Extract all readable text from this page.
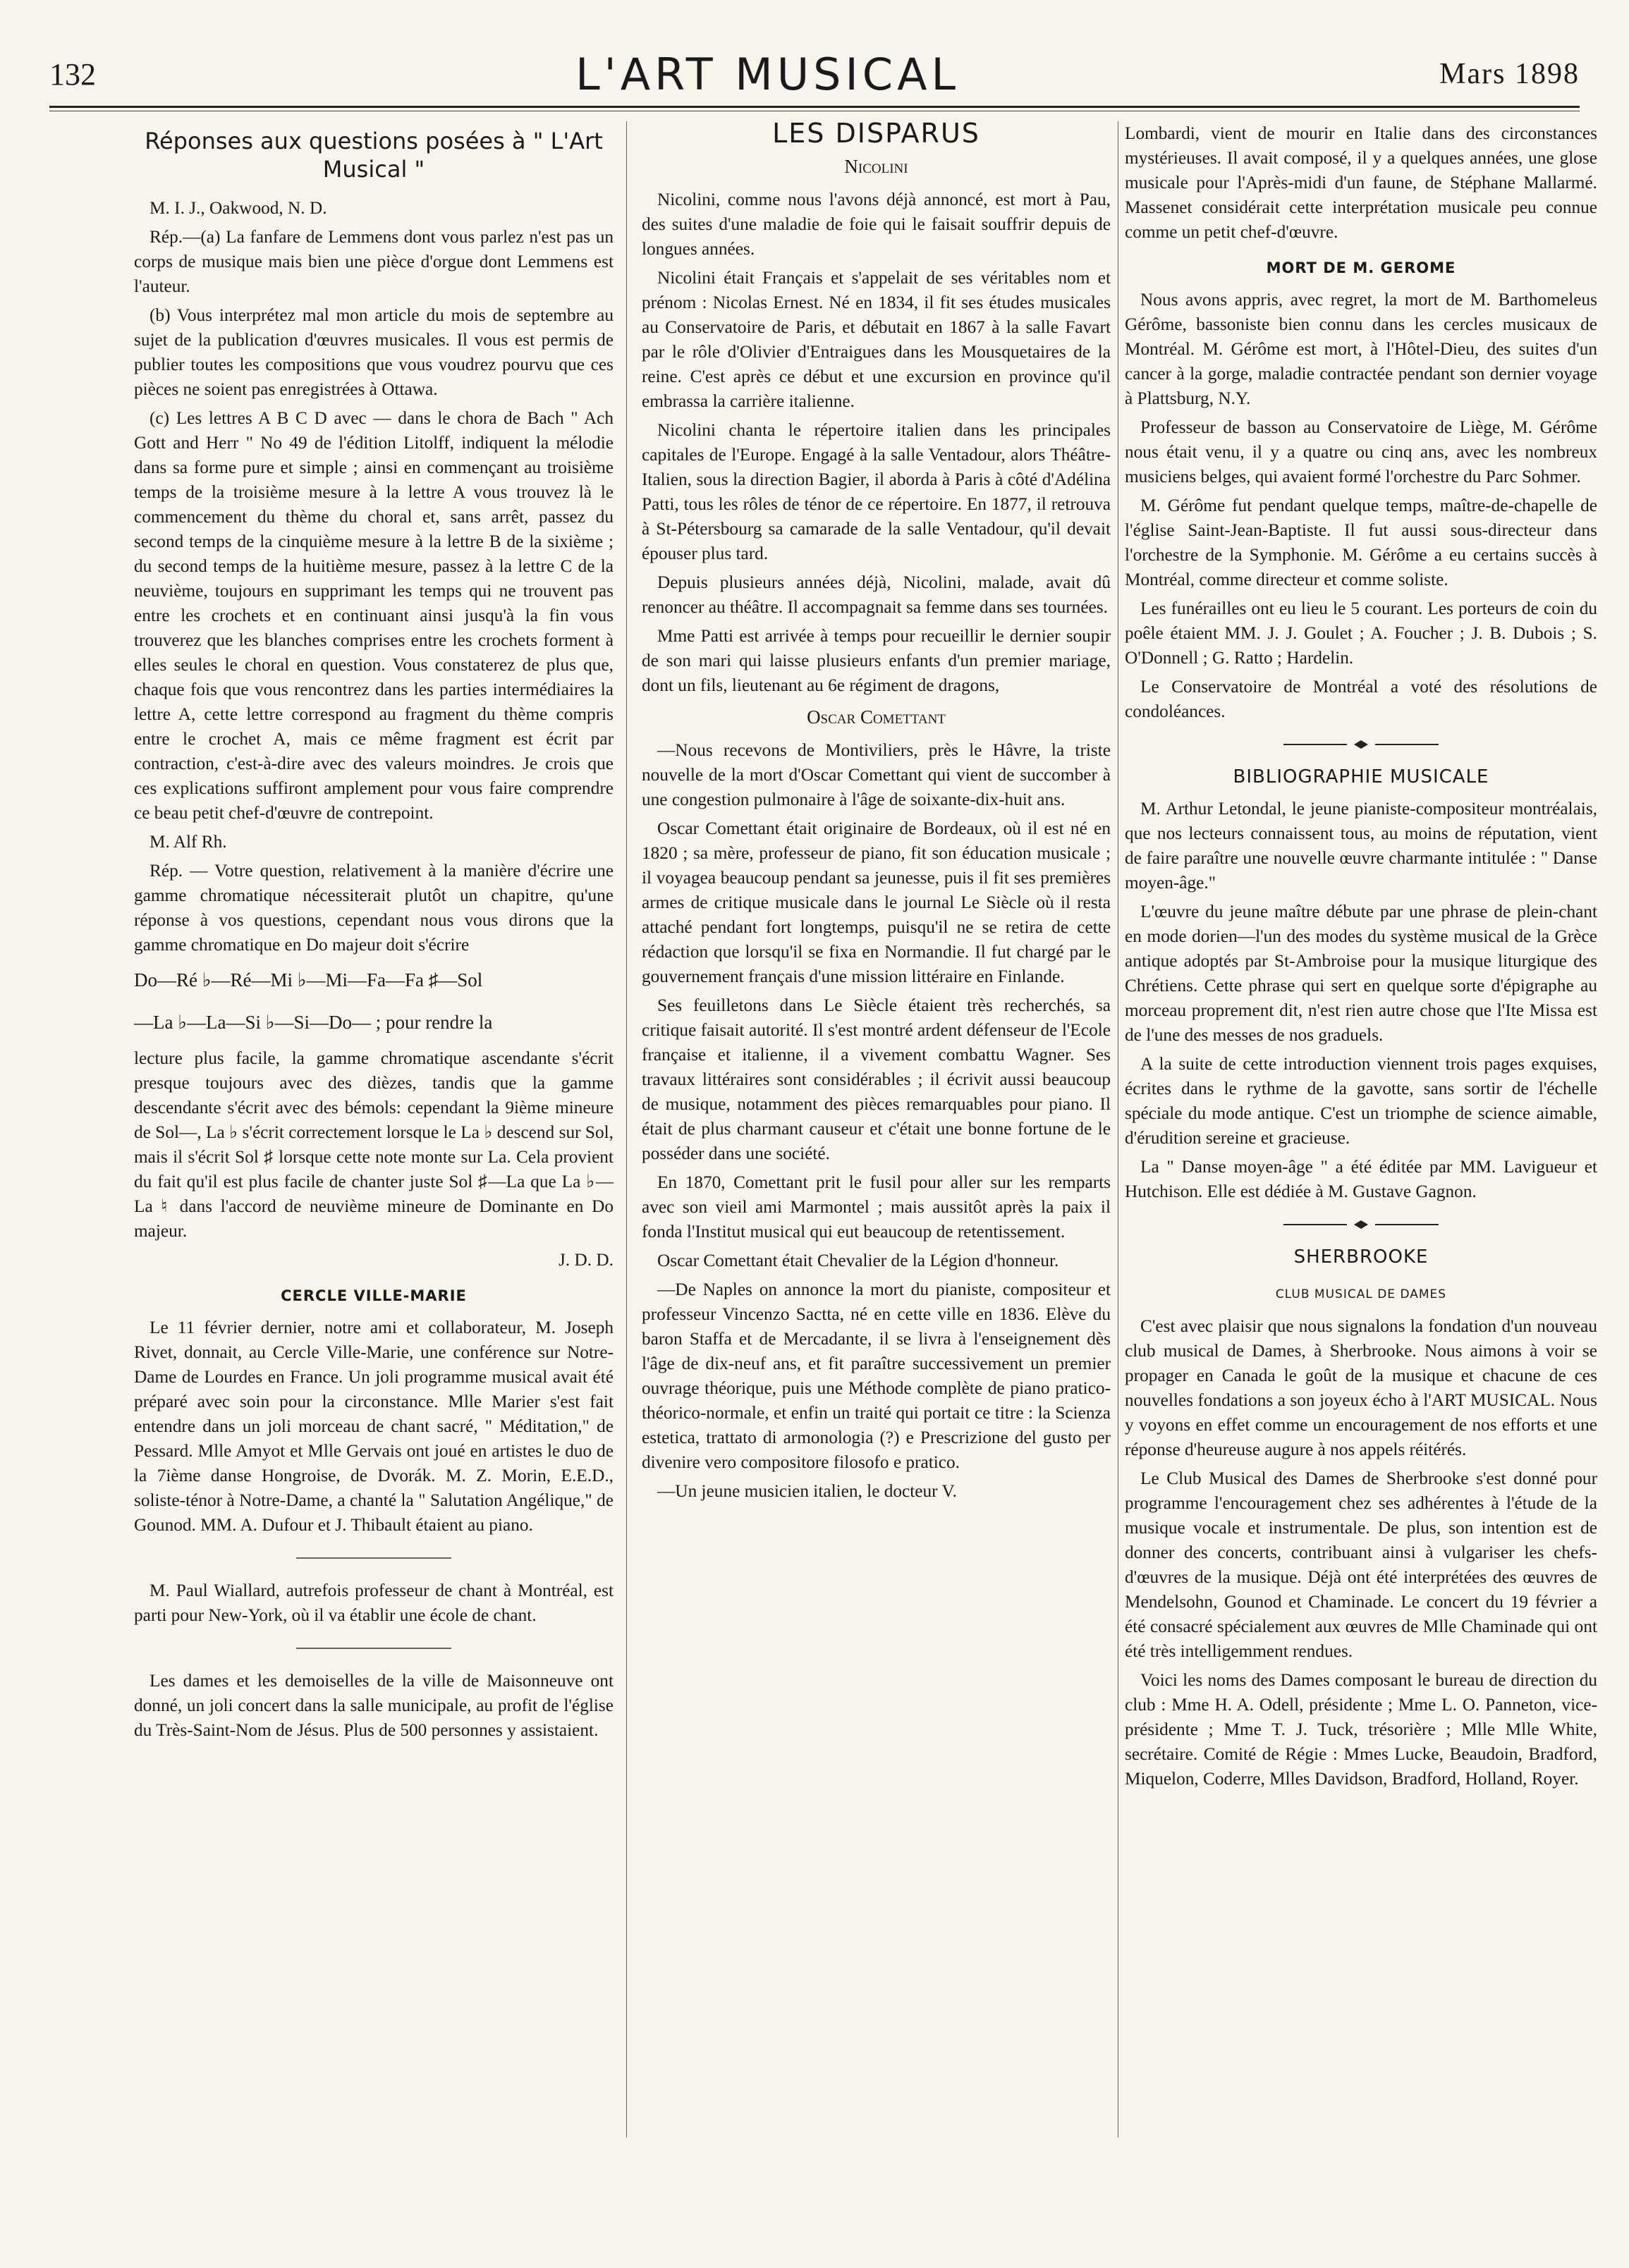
132	L'ART MUSICAL	Mars 1898
Réponses aux questions posées à " L'Art Musical "

M. I. J., Oakwood, N. D.

Rép.—(a) La fanfare de Lemmens dont vous parlez n'est pas un corps de musique mais bien une pièce d'orgue dont Lemmens est l'auteur.

(b) Vous interprétez mal mon article du mois de septembre au sujet de la publication d'œuvres musicales. Il vous est permis de publier toutes les compositions que vous voudrez pourvu que ces pièces ne soient pas enregistrées à Ottawa.

(c) Les lettres A B C D avec — dans le chora de Bach " Ach Gott and Herr " No 49 de l'édition Litolff, indiquent la mélodie dans sa forme pure et simple ; ainsi en commençant au troisième temps de la troisième mesure à la lettre A vous trouvez là le commencement du thème du choral et, sans arrêt, passez du second temps de la cinquième mesure à la lettre B de la sixième ; du second temps de la huitième mesure, passez à la lettre C de la neuvième, toujours en supprimant les temps qui ne trouvent pas entre les crochets et en continuant ainsi jusqu'à la fin vous trouverez que les blanches comprises entre les crochets forment à elles seules le choral en question. Vous constaterez de plus que, chaque fois que vous rencontrez dans les parties intermédiaires la lettre A, cette lettre correspond au fragment du thème compris entre le crochet A, mais ce même fragment est écrit par contraction, c'est-à-dire avec des valeurs moindres. Je crois que ces explications suffiront amplement pour vous faire comprendre ce beau petit chef-d'œuvre de contrepoint.

M. Alf Rh.

Rép. — Votre question, relativement à la manière d'écrire une gamme chromatique nécessiterait plutôt un chapitre, qu'une réponse à vos questions, cependant nous vous dirons que la gamme chromatique en Do majeur doit s'écrire

Do—Ré ♭—Ré—Mi ♭—Mi—Fa—Fa ♯—Sol

—La ♭—La—Si ♭—Si—Do— ; pour rendre la

lecture plus facile, la gamme chromatique ascendante s'écrit presque toujours avec des dièzes, tandis que la gamme descendante s'écrit avec des bémols: cependant la 9ième mineure de Sol—, La ♭ s'écrit correctement lorsque le La ♭ descend sur Sol, mais il s'écrit Sol ♯ lorsque cette note monte sur La. Cela provient du fait qu'il est plus facile de chanter juste Sol ♯—La que La ♭— La ♮ dans l'accord de neuvième mineure de Dominante en Do majeur.

J. D. D.

CERCLE VILLE-MARIE

Le 11 février dernier, notre ami et collaborateur, M. Joseph Rivet, donnait, au Cercle Ville-Marie, une conférence sur Notre-Dame de Lourdes en France. Un joli programme musical avait été préparé avec soin pour la circonstance. Mlle Marier s'est fait entendre dans un joli morceau de chant sacré, " Méditation," de Pessard. Mlle Amyot et Mlle Gervais ont joué en artistes le duo de la 7ième danse Hongroise, de Dvorák. M. Z. Morin, E.E.D., soliste-ténor à Notre-Dame, a chanté la " Salutation Angélique," de Gounod. MM. A. Dufour et J. Thibault étaient au piano.

M. Paul Wiallard, autrefois professeur de chant à Montréal, est parti pour New-York, où il va établir une école de chant.

Les dames et les demoiselles de la ville de Maisonneuve ont donné, un joli concert dans la salle municipale, au profit de l'église du Très-Saint-Nom de Jésus. Plus de 500 personnes y assistaient.

LES DISPARUS
Nicolini

Nicolini, comme nous l'avons déjà annoncé, est mort à Pau, des suites d'une maladie de foie qui le faisait souffrir depuis de longues années.

Nicolini était Français et s'appelait de ses véritables nom et prénom : Nicolas Ernest. Né en 1834, il fit ses études musicales au Conservatoire de Paris, et débutait en 1867 à la salle Favart par le rôle d'Olivier d'Entraigues dans les Mousquetaires de la reine. C'est après ce début et une excursion en province qu'il embrassa la carrière italienne.

Nicolini chanta le répertoire italien dans les principales capitales de l'Europe. Engagé à la salle Ventadour, alors Théâtre-Italien, sous la direction Bagier, il aborda à Paris à côté d'Adélina Patti, tous les rôles de ténor de ce répertoire. En 1877, il retrouva à St-Pétersbourg sa camarade de la salle Ventadour, qu'il devait épouser plus tard.

Depuis plusieurs années déjà, Nicolini, malade, avait dû renoncer au théâtre. Il accompagnait sa femme dans ses tournées.

Mme Patti est arrivée à temps pour recueillir le dernier soupir de son mari qui laisse plusieurs enfants d'un premier mariage, dont un fils, lieutenant au 6e régiment de dragons,

Oscar Comettant

—Nous recevons de Montiviliers, près le Hâvre, la triste nouvelle de la mort d'Oscar Comettant qui vient de succomber à une congestion pulmonaire à l'âge de soixante-dix-huit ans.

Oscar Comettant était originaire de Bordeaux, où il est né en 1820 ; sa mère, professeur de piano, fit son éducation musicale ; il voyagea beaucoup pendant sa jeunesse, puis il fit ses premières armes de critique musicale dans le journal Le Siècle où il resta attaché pendant fort longtemps, puisqu'il ne se retira de cette rédaction que lorsqu'il se fixa en Normandie. Il fut chargé par le gouvernement français d'une mission littéraire en Finlande.

Ses feuilletons dans Le Siècle étaient très recherchés, sa critique faisait autorité. Il s'est montré ardent défenseur de l'Ecole française et italienne, il a vivement combattu Wagner. Ses travaux littéraires sont considérables ; il écrivit aussi beaucoup de musique, notamment des pièces remarquables pour piano. Il était de plus charmant causeur et c'était une bonne fortune de le posséder dans une société.

En 1870, Comettant prit le fusil pour aller sur les remparts avec son vieil ami Marmontel ; mais aussitôt après la paix il fonda l'Institut musical qui eut beaucoup de retentissement.

Oscar Comettant était Chevalier de la Légion d'honneur.

—De Naples on annonce la mort du pianiste, compositeur et professeur Vincenzo Sactta, né en cette ville en 1836. Elève du baron Staffa et de Mercadante, il se livra à l'enseignement dès l'âge de dix-neuf ans, et fit paraître successivement un premier ouvrage théorique, puis une Méthode complète de piano pratico-théorico-normale, et enfin un traité qui portait ce titre : la Scienza estetica, trattato di armonologia (?) e Prescrizione del gusto per divenire vero compositore filosofo e pratico.

—Un jeune musicien italien, le docteur V.

Lombardi, vient de mourir en Italie dans des circonstances mystérieuses. Il avait composé, il y a quelques années, une glose musicale pour l'Après-midi d'un faune, de Stéphane Mallarmé. Massenet considérait cette interprétation musicale peu connue comme un petit chef-d'œuvre.

MORT DE M. GEROME

Nous avons appris, avec regret, la mort de M. Barthomeleus Gérôme, bassoniste bien connu dans les cercles musicaux de Montréal. M. Gérôme est mort, à l'Hôtel-Dieu, des suites d'un cancer à la gorge, maladie contractée pendant son dernier voyage à Plattsburg, N.Y.

Professeur de basson au Conservatoire de Liège, M. Gérôme nous était venu, il y a quatre ou cinq ans, avec les nombreux musiciens belges, qui avaient formé l'orchestre du Parc Sohmer.

M. Gérôme fut pendant quelque temps, maître-de-chapelle de l'église Saint-Jean-Baptiste. Il fut aussi sous-directeur dans l'orchestre de la Symphonie. M. Gérôme a eu certains succès à Montréal, comme directeur et comme soliste.

Les funérailles ont eu lieu le 5 courant. Les porteurs de coin du poêle étaient MM. J. J. Goulet ; A. Foucher ; J. B. Dubois ; S. O'Donnell ; G. Ratto ; Hardelin.

Le Conservatoire de Montréal a voté des résolutions de condoléances.

BIBLIOGRAPHIE MUSICALE

M. Arthur Letondal, le jeune pianiste-compositeur montréalais, que nos lecteurs connaissent tous, au moins de réputation, vient de faire paraître une nouvelle œuvre charmante intitulée : " Danse moyen-âge."

L'œuvre du jeune maître débute par une phrase de plein-chant en mode dorien—l'un des modes du système musical de la Grèce antique adoptés par St-Ambroise pour la musique liturgique des Chrétiens. Cette phrase qui sert en quelque sorte d'épigraphe au morceau proprement dit, n'est rien autre chose que l'Ite Missa est de l'une des messes de nos graduels.

A la suite de cette introduction viennent trois pages exquises, écrites dans le rythme de la gavotte, sans sortir de l'échelle spéciale du mode antique. C'est un triomphe de science aimable, d'érudition sereine et gracieuse.

La " Danse moyen-âge " a été éditée par MM. Lavigueur et Hutchison. Elle est dédiée à M. Gustave Gagnon.

SHERBROOKE
CLUB MUSICAL DE DAMES

C'est avec plaisir que nous signalons la fondation d'un nouveau club musical de Dames, à Sherbrooke. Nous aimons à voir se propager en Canada le goût de la musique et chacune de ces nouvelles fondations a son joyeux écho à l'ART MUSICAL. Nous y voyons en effet comme un encouragement de nos efforts et une réponse d'heureuse augure à nos appels réitérés.

Le Club Musical des Dames de Sherbrooke s'est donné pour programme l'encouragement chez ses adhérentes à l'étude de la musique vocale et instrumentale. De plus, son intention est de donner des concerts, contribuant ainsi à vulgariser les chefs-d'œuvres de la musique. Déjà ont été interprétées des œuvres de Mendelsohn, Gounod et Chaminade. Le concert du 19 février a été consacré spécialement aux œuvres de Mlle Chaminade qui ont été très intelligemment rendues.

Voici les noms des Dames composant le bureau de direction du club : Mme H. A. Odell, présidente ; Mme L. O. Panneton, vice-présidente ; Mme T. J. Tuck, trésorière ; Mlle Mlle White, secrétaire. Comité de Régie : Mmes Lucke, Beaudoin, Bradford, Miquelon, Coderre, Mlles Davidson, Bradford, Holland, Royer.
